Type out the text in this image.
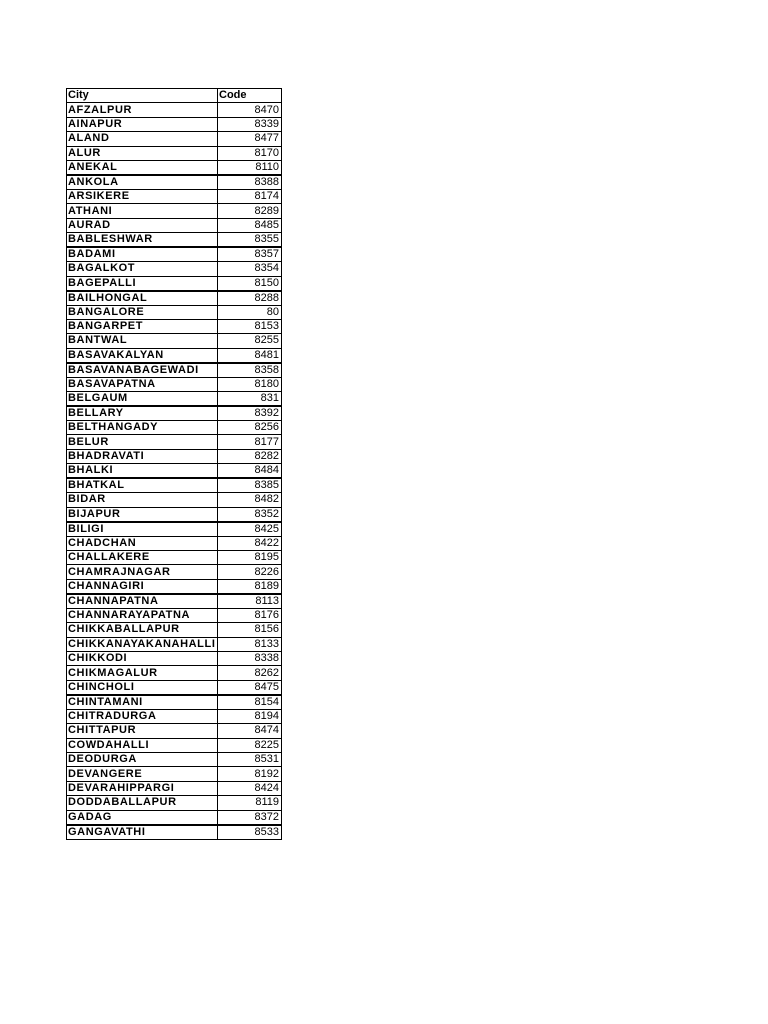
City	Code
AFZALPUR	8470
AINAPUR	8339
ALAND	8477
ALUR	8170
ANEKAL	8110
ANKOLA	8388
ARSIKERE	8174
ATHANI	8289
AURAD	8485
BABLESHWAR	8355
BADAMI	8357
BAGALKOT	8354
BAGEPALLI	8150
BAILHONGAL	8288
BANGALORE	80
BANGARPET	8153
BANTWAL	8255
BASAVAKALYAN	8481
BASAVANABAGEWADI	8358
BASAVAPATNA	8180
BELGAUM	831
BELLARY	8392
BELTHANGADY	8256
BELUR	8177
BHADRAVATI	8282
BHALKI	8484
BHATKAL	8385
BIDAR	8482
BIJAPUR	8352
BILIGI	8425
CHADCHAN	8422
CHALLAKERE	8195
CHAMRAJNAGAR	8226
CHANNAGIRI	8189
CHANNAPATNA	8113
CHANNARAYAPATNA	8176
CHIKKABALLAPUR	8156
CHIKKANAYAKANAHALLI	8133
CHIKKODI	8338
CHIKMAGALUR	8262
CHINCHOLI	8475
CHINTAMANI	8154
CHITRADURGA	8194
CHITTAPUR	8474
COWDAHALLI	8225
DEODURGA	8531
DEVANGERE	8192
DEVARAHIPPARGI	8424
DODDABALLAPUR	8119
GADAG	8372
GANGAVATHI	8533
